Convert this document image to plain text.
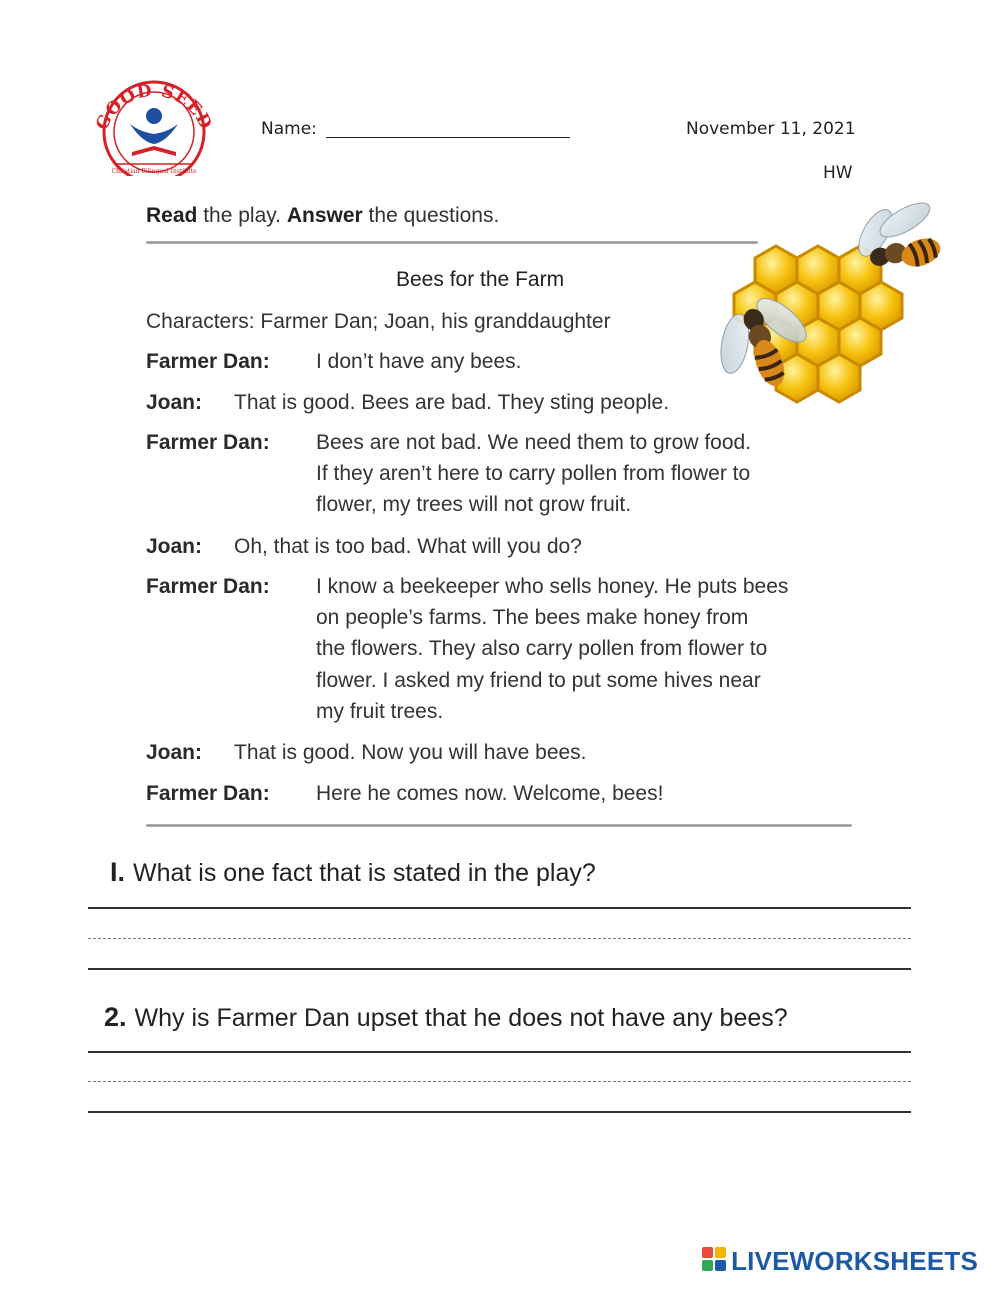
GOOD SEED
Christian Bilingual Institute
Name:	November 11, 2021
HW
Read the play. Answer the questions.
Bees for the Farm
Characters: Farmer Dan; Joan, his granddaughter
Farmer Dan: I don’t have any bees.
Joan: That is good. Bees are bad. They sting people.
Farmer Dan: Bees are not bad. We need them to grow food.
If they aren’t here to carry pollen from flower to
flower, my trees will not grow fruit.
Joan: Oh, that is too bad. What will you do?
Farmer Dan: I know a beekeeper who sells honey. He puts bees
on people’s farms. The bees make honey from
the flowers. They also carry pollen from flower to
flower. I asked my friend to put some hives near
my fruit trees.
Joan: That is good. Now you will have bees.
Farmer Dan: Here he comes now. Welcome, bees!
I. What is one fact that is stated in the play?
2. Why is Farmer Dan upset that he does not have any bees?
LIVEWORKSHEETS
